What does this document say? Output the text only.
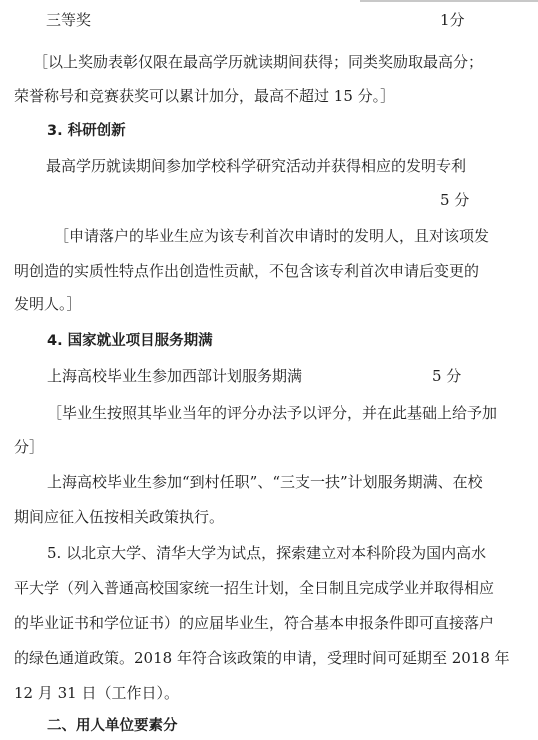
三等奖	1分
［以上奖励表彰仅限在最高学历就读期间获得；同类奖励取最高分；
荣誉称号和竞赛获奖可以累计加分，最高不超过 15 分。］
3. 科研创新
最高学历就读期间参加学校科学研究活动并获得相应的发明专利
5 分
［申请落户的毕业生应为该专利首次申请时的发明人，且对该项发
明创造的实质性特点作出创造性贡献，不包含该专利首次申请后变更的
发明人。］
4. 国家就业项目服务期满
上海高校毕业生参加西部计划服务期满	5 分
［毕业生按照其毕业当年的评分办法予以评分，并在此基础上给予加
分］
上海高校毕业生参加“到村任职”、“三支一扶”计划服务期满、在校
期间应征入伍按相关政策执行。
5. 以北京大学、清华大学为试点，探索建立对本科阶段为国内高水
平大学（列入普通高校国家统一招生计划，全日制且完成学业并取得相应
的毕业证书和学位证书）的应届毕业生，符合基本申报条件即可直接落户
的绿色通道政策。2018 年符合该政策的申请，受理时间可延期至 2018 年
12 月 31 日（工作日）。
二、用人单位要素分
